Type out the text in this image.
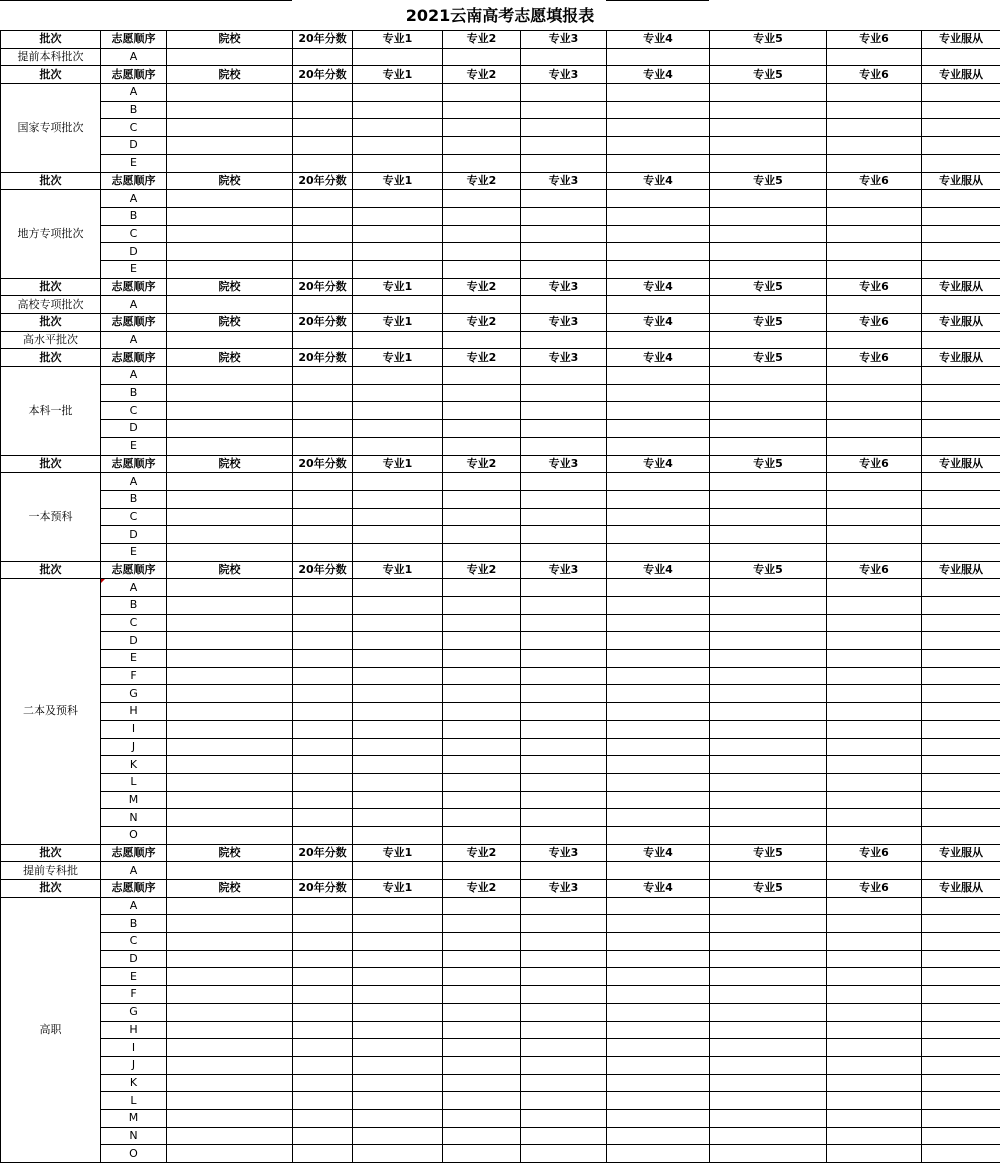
2021云南高考志愿填报表
批次	志愿顺序	院校	20年分数	专业1	专业2	专业3	专业4	专业5	专业6	专业服从
提前本科批次	A									
批次	志愿顺序	院校	20年分数	专业1	专业2	专业3	专业4	专业5	专业6	专业服从
国家专项批次	A									
	B									
	C									
	D									
	E									
批次	志愿顺序	院校	20年分数	专业1	专业2	专业3	专业4	专业5	专业6	专业服从
地方专项批次	A									
	B									
	C									
	D									
	E									
批次	志愿顺序	院校	20年分数	专业1	专业2	专业3	专业4	专业5	专业6	专业服从
高校专项批次	A									
批次	志愿顺序	院校	20年分数	专业1	专业2	专业3	专业4	专业5	专业6	专业服从
高水平批次	A									
批次	志愿顺序	院校	20年分数	专业1	专业2	专业3	专业4	专业5	专业6	专业服从
本科一批	A									
	B									
	C									
	D									
	E									
批次	志愿顺序	院校	20年分数	专业1	专业2	专业3	专业4	专业5	专业6	专业服从
一本预科	A									
	B									
	C									
	D									
	E									
批次	志愿顺序	院校	20年分数	专业1	专业2	专业3	专业4	专业5	专业6	专业服从
二本及预科	A									
	B									
	C									
	D									
	E									
	F									
	G									
	H									
	I									
	J									
	K									
	L									
	M									
	N									
	O									
批次	志愿顺序	院校	20年分数	专业1	专业2	专业3	专业4	专业5	专业6	专业服从
提前专科批	A									
批次	志愿顺序	院校	20年分数	专业1	专业2	专业3	专业4	专业5	专业6	专业服从
高职	A									
	B									
	C									
	D									
	E									
	F									
	G									
	H									
	I									
	J									
	K									
	L									
	M									
	N									
	O									
